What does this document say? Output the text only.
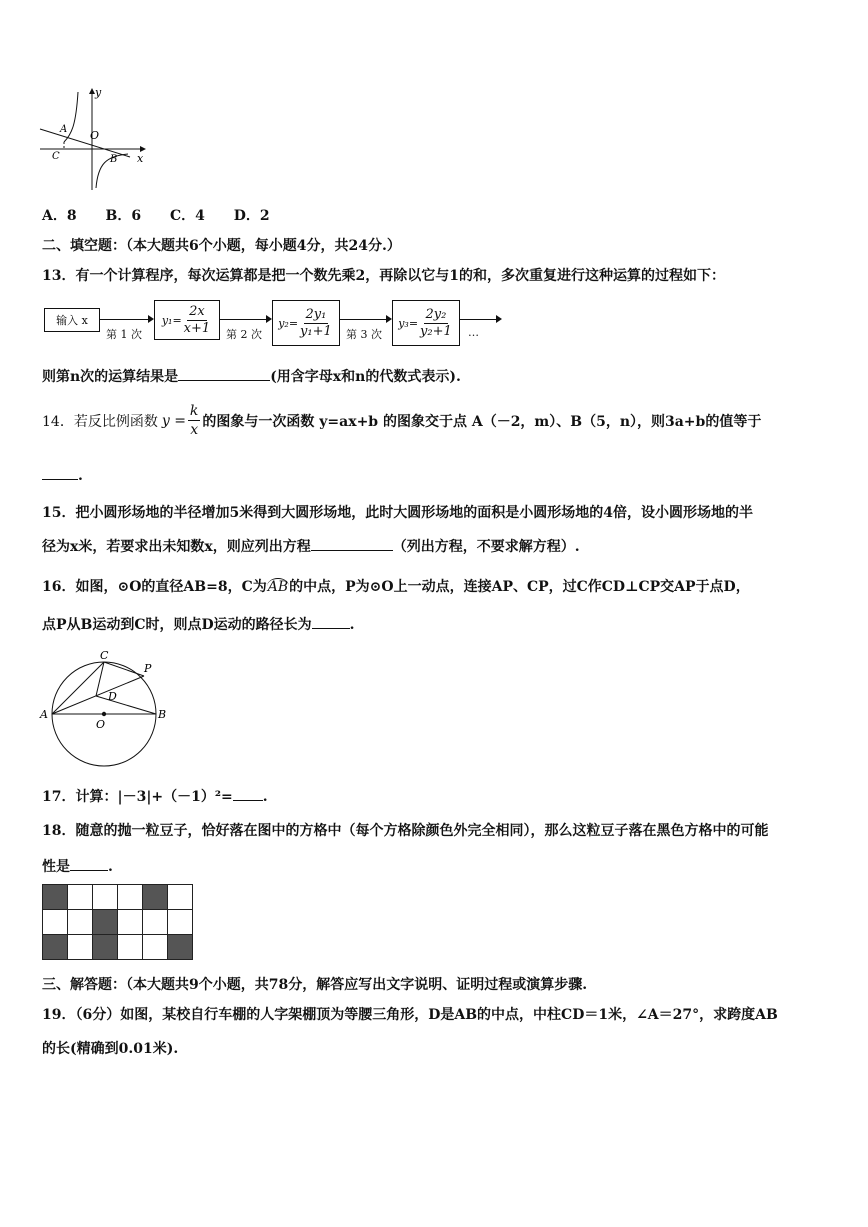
y
x
O
A
B
C
A．8 B．6 C．4 D．2
二、填空题：（本大题共6个小题，每小题4分，共24分.）
13．有一个计算程序，每次运算都是把一个数先乘2，再除以它与1的和，多次重复进行这种运算的过程如下：
输入 x
第 1 次
$y_1= \frac{2x}{x+1}$ 第 2 次
$y_2= \frac{\text{2y₁}}{\text{y₁+1}}$ 第 3 次
$y_3= \frac{\text{2y₂}}{\text{y₂+1}}$ …
则第n次的运算结果是	(用含字母x和n的代数式表示).
14．若反比例函数 $y = \frac{k}{x}$ 的图象与一次函数 y=ax+b 的图象交于点 A（－2，m）、B（5，n），则3a+b的值等于
.
15．把小圆形场地的半径增加5米得到大圆形场地，此时大圆形场地的面积是小圆形场地的4倍，设小圆形场地的半
径为x米，若要求出未知数x，则应列出方程	（列出方程，不要求解方程）.
16．如图，⊙O的直径AB=8，C为AB的中点，P为⊙O上一动点，连接AP、CP，过C作CD⊥CP交AP于点D，
点P从B运动到C时，则点D运动的路径长为	.
C
P
D
A	B
O
17．计算：|－3|+（－1）²= .
18．随意的抛一粒豆子，恰好落在图中的方格中（每个方格除颜色外完全相同），那么这粒豆子落在黑色方格中的可能
性是	.

三、解答题：（本大题共9个小题，共78分，解答应写出文字说明、证明过程或演算步骤.
19．（6分）如图，某校自行车棚的人字架棚顶为等腰三角形，D是AB的中点，中柱CD＝1米，∠A＝27°，求跨度AB
的长(精确到0.01米).
